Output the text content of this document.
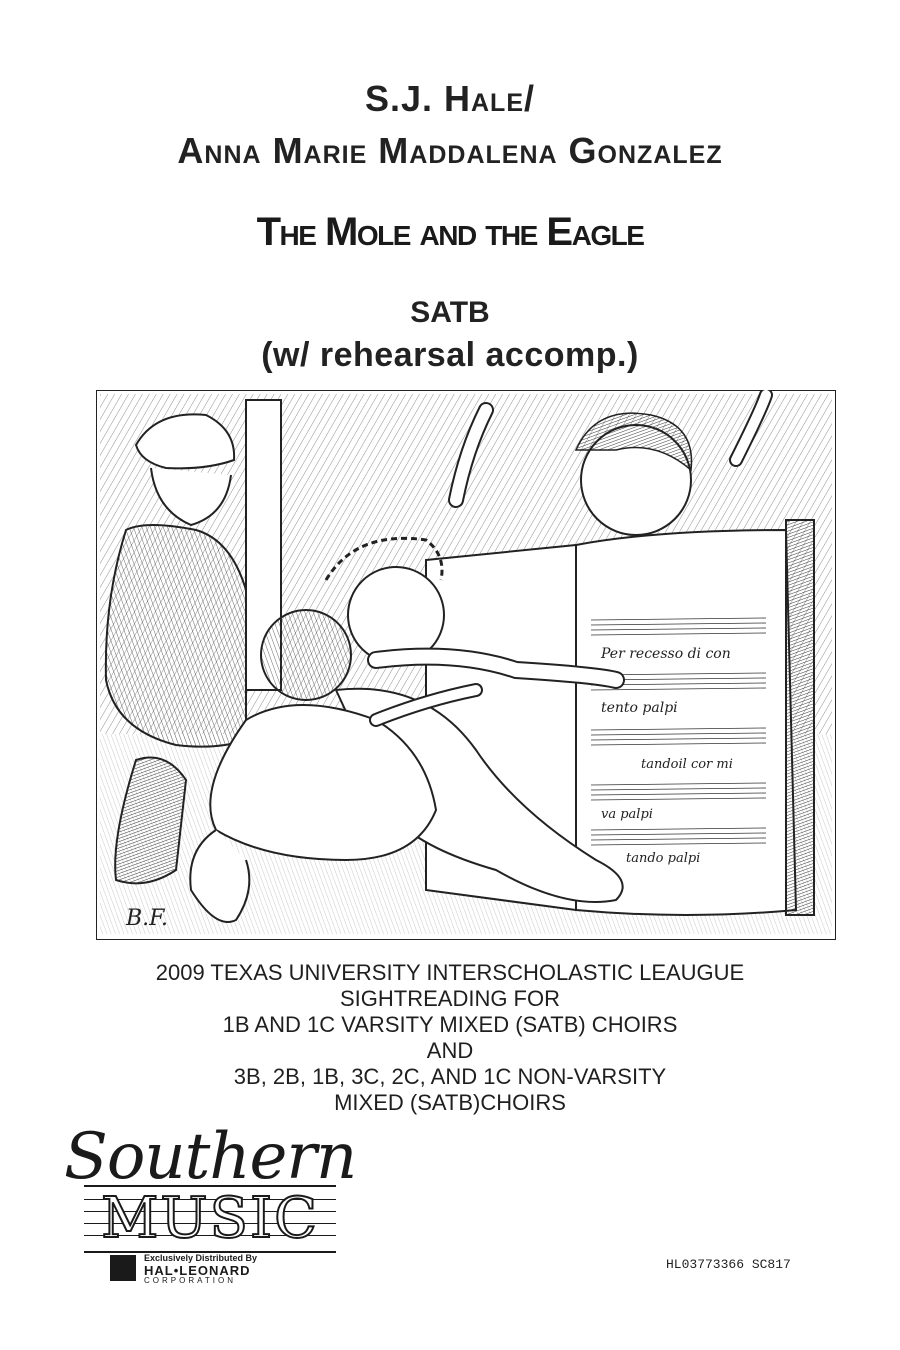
S.J. Hale/
Anna Marie Maddalena Gonzalez
The Mole and the Eagle
SATB
(w/ rehearsal accomp.)
Per recesso di con
tento palpi
tandoil cor mi
va palpi
tando palpi
B.F.
2009 TEXAS UNIVERSITY INTERSCHOLASTIC LEAUGUE
SIGHTREADING FOR
1B AND 1C VARSITY MIXED (SATB) CHOIRS
AND
3B, 2B, 1B, 3C, 2C, AND 1C NON-VARSITY
MIXED (SATB)CHOIRS
Southern
MUSIC
Exclusively Distributed By
HAL•LEONARD
CORPORATION
HL03773366 SC817
